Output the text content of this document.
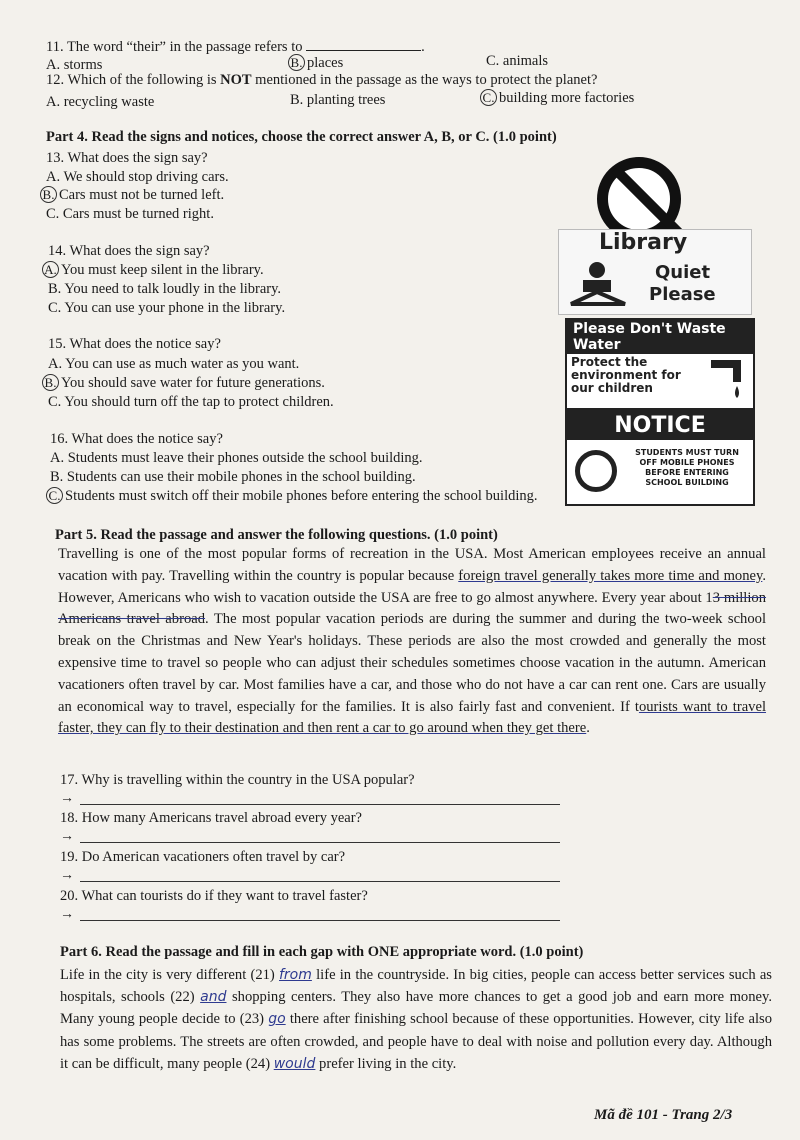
11. The word “their” in the passage refers to	.
A. storms	B. places	C. animals
12. Which of the following is NOT mentioned in the passage as the ways to protect the planet?
A. recycling waste	B. planting trees	C. building more factories
Part 4. Read the signs and notices, choose the correct answer A, B, or C. (1.0 point)
13. What does the sign say?
A. We should stop driving cars.
B. Cars must not be turned left.
C. Cars must be turned right.
14. What does the sign say?
A. You must keep silent in the library.
B. You need to talk loudly in the library.
C. You can use your phone in the library.
15. What does the notice say?
A. You can use as much water as you want.
B. You should save water for future generations.
C. You should turn off the tap to protect children.
16. What does the notice say?
A. Students must leave their phones outside the school building.
B. Students can use their mobile phones in the school building.
C. Students must switch off their mobile phones before entering the school building.
Library
Quiet
Please
Please Don't Waste Water
Protect the environment for our children
NOTICE
STUDENTS MUST TURN OFF MOBILE PHONES BEFORE ENTERING SCHOOL BUILDING
Part 5. Read the passage and answer the following questions. (1.0 point)

Travelling is one of the most popular forms of recreation in the USA. Most American employees receive an annual vacation with pay. Travelling within the country is popular because foreign travel generally takes more time and money. However, Americans who wish to vacation outside the USA are free to go almost anywhere. Every year about 13 million Americans travel abroad. The most popular vacation periods are during the summer and during the two-week school break on the Christmas and New Year's holidays. These periods are also the most crowded and generally the most expensive time to travel so people who can adjust their schedules sometimes choose vacation in the autumn. American vacationers often travel by car. Most families have a car, and those who do not have a car can rent one. Cars are usually an economical way to travel, especially for the families. It is also fairly fast and convenient. If tourists want to travel faster, they can fly to their destination and then rent a car to go around when they get there.

17. Why is travelling within the country in the USA popular?
→
18. How many Americans travel abroad every year?
→
19. Do American vacationers often travel by car?
→
20. What can tourists do if they want to travel faster?
→
Part 6. Read the passage and fill in each gap with ONE appropriate word. (1.0 point)

Life in the city is very different (21) from life in the countryside. In big cities, people can access better services such as hospitals, schools (22) and shopping centers. They also have more chances to get a good job and earn more money. Many young people decide to (23) go there after finishing school because of these opportunities. However, city life also has some problems. The streets are often crowded, and people have to deal with noise and pollution every day. Although it can be difficult, many people (24) would prefer living in the city.

Mã đề 101 - Trang 2/3
